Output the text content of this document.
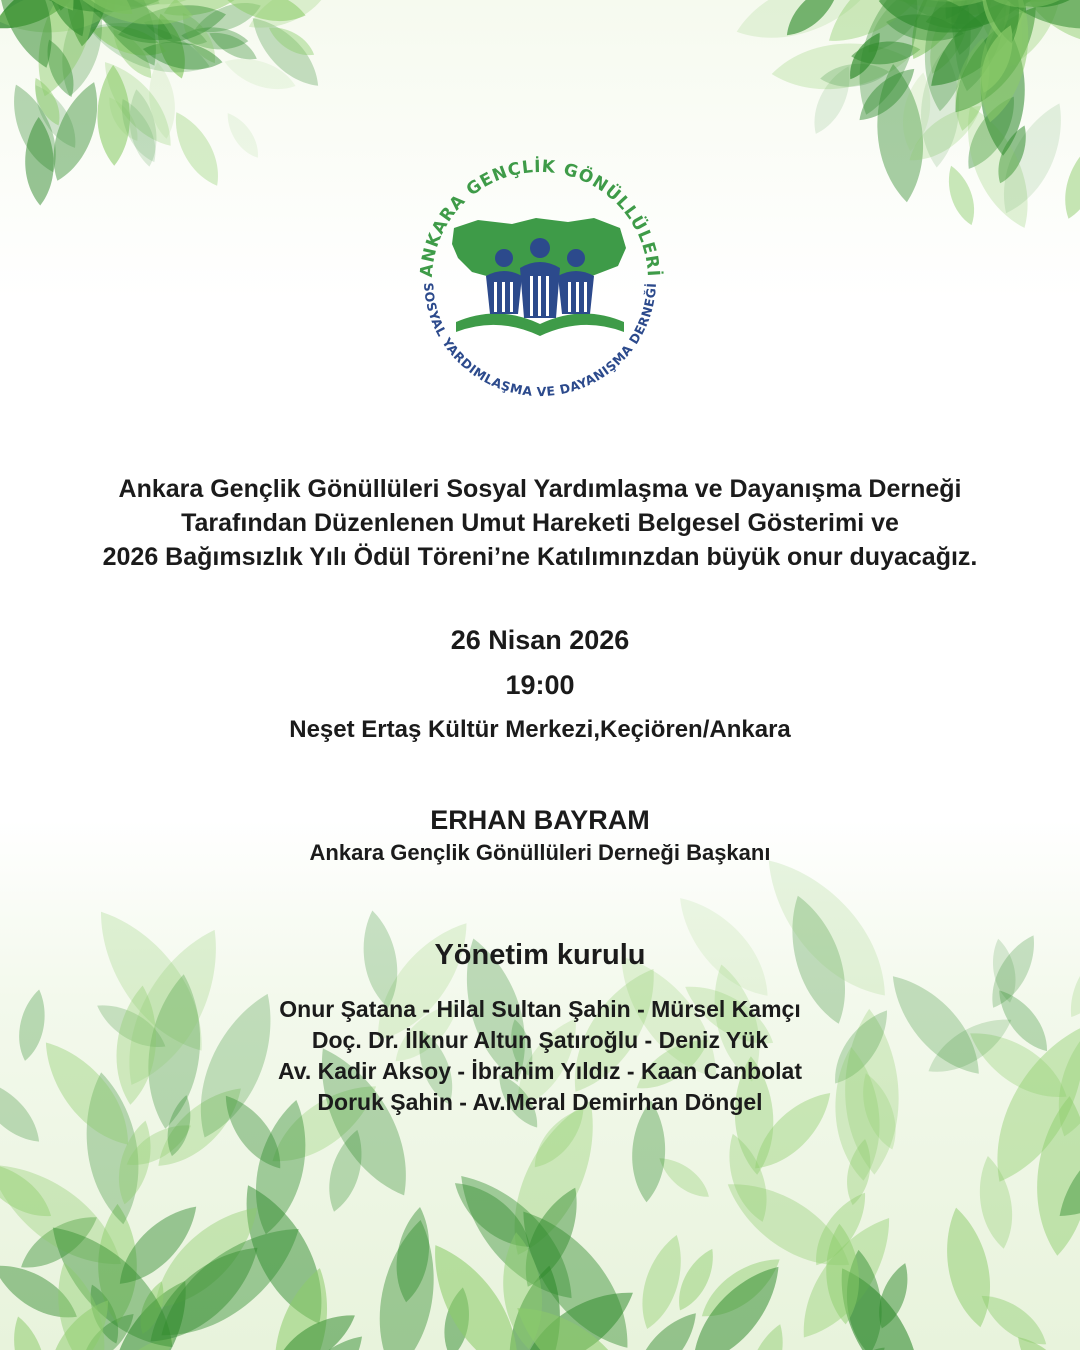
ANKARA GENÇLİK GÖNÜLLÜLERİ
SOSYAL YARDIMLAŞMA VE DAYANIŞMA DERNEĞİ
Ankara Gençlik Gönüllüleri Sosyal Yardımlaşma ve Dayanışma Derneği
Tarafından Düzenlenen Umut Hareketi Belgesel Gösterimi ve
2026 Bağımsızlık Yılı Ödül Töreni’ne Katılımınzdan büyük onur duyacağız.
26 Nisan 2026
19:00
Neşet Ertaş Kültür Merkezi,Keçiören/Ankara
ERHAN BAYRAM
Ankara Gençlik Gönüllüleri Derneği Başkanı
Yönetim kurulu
Onur Şatana - Hilal Sultan Şahin - Mürsel Kamçı
Doç. Dr. İlknur Altun Şatıroğlu - Deniz Yük
Av. Kadir Aksoy - İbrahim Yıldız - Kaan Canbolat
Doruk Şahin - Av.Meral Demirhan Döngel
